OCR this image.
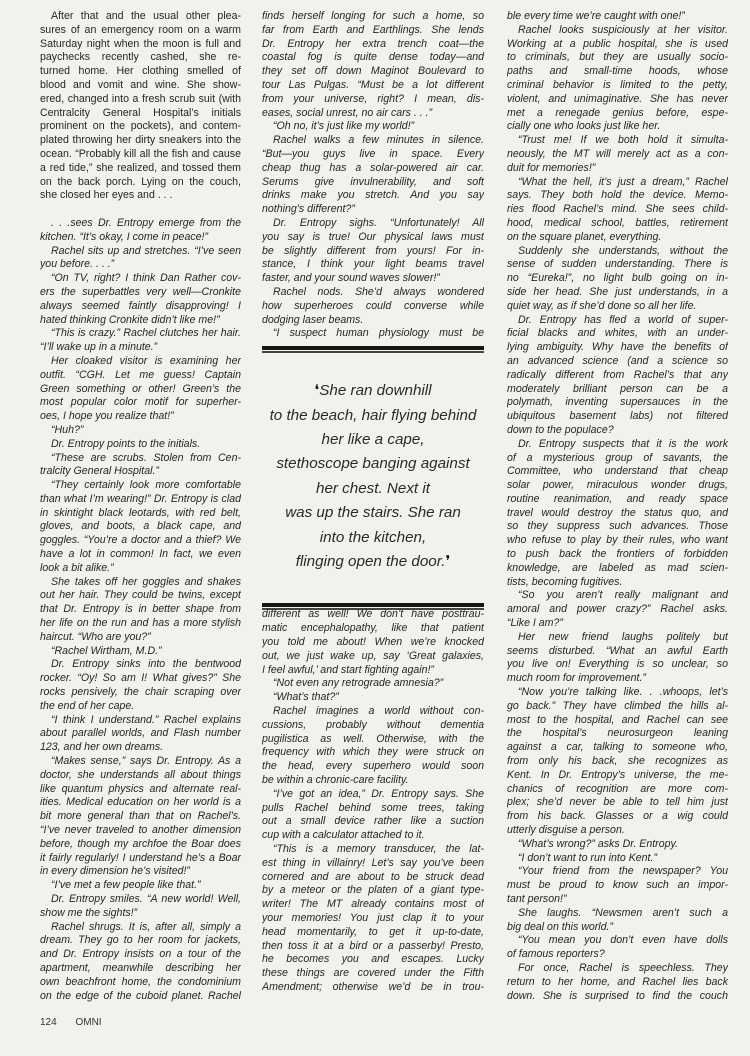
After that and the usual other plea-
sures of an emergency room on a warm
Saturday night when the moon is full and
paychecks recently cashed, she re-
turned home. Her clothing smelled of
blood and vomit and wine. She show-
ered, changed into a fresh scrub suit (with
Centralcity General Hospital’s initials
prominent on the pockets), and contem-
plated throwing her dirty sneakers into the
ocean. “Probably kill all the fish and cause
a red tide,” she realized, and tossed them
on the back porch. Lying on the couch,
she closed her eyes and . . .
. . .sees Dr. Entropy emerge from the
kitchen. “It’s okay, I come in peace!”
Rachel sits up and stretches. “I’ve seen
you before. . . .”
“On TV, right? I think Dan Rather cov-
ers the superbattles very well—Cronkite
always seemed faintly disapproving! I
hated thinking Cronkite didn’t like me!”
“This is crazy.” Rachel clutches her hair.
“I’ll wake up in a minute.”
Her cloaked visitor is examining her
outfit. “CGH. Let me guess! Captain
Green something or other! Green’s the
most popular color motif for superher-
oes, I hope you realize that!”
“Huh?”
Dr. Entropy points to the initials.
“These are scrubs. Stolen from Cen-
tralcity General Hospital.”
“They certainly look more comfortable
than what I’m wearing!” Dr. Entropy is clad
in skintight black leotards, with red belt,
gloves, and boots, a black cape, and
goggles. “You’re a doctor and a thief? We
have a lot in common! In fact, we even
look a bit alike.”
She takes off her goggles and shakes
out her hair. They could be twins, except
that Dr. Entropy is in better shape from
her life on the run and has a more stylish
haircut. “Who are you?”
“Rachel Wirtham, M.D.”
Dr. Entropy sinks into the bentwood
rocker. “Oy! So am I! What gives?” She
rocks pensively, the chair scraping over
the end of her cape.
“I think I understand.” Rachel explains
about parallel worlds, and Flash number
123, and her own dreams.
“Makes sense,” says Dr. Entropy. As a
doctor, she understands all about things
like quantum physics and alternate real-
ities. Medical education on her world is a
bit more general than that on Rachel’s.
“I’ve never traveled to another dimension
before, though my archfoe the Boar does
it fairly regularly! I understand he’s a Boar
in every dimension he’s visited!”
“I’ve met a few people like that.”
Dr. Entropy smiles. “A new world! Well,
show me the sights!”
Rachel shrugs. It is, after all, simply a
dream. They go to her room for jackets,
and Dr. Entropy insists on a tour of the
apartment, meanwhile describing her
own beachfront home, the condominium
on the edge of the cuboid planet. Rachel
finds herself longing for such a home, so
far from Earth and Earthlings. She lends
Dr. Entropy her extra trench coat—the
coastal fog is quite dense today—and
they set off down Maginot Boulevard to
tour Las Pulgas. “Must be a lot different
from your universe, right? I mean, dis-
eases, social unrest, no air cars . . .”
“Oh no, it’s just like my world!”
Rachel walks a few minutes in silence.
“But—you guys live in space. Every
cheap thug has a solar-powered air car.
Serums give invulnerability, and soft
drinks make you stretch. And you say
nothing’s different?”
Dr. Entropy sighs. “Unfortunately! All
you say is true! Our physical laws must
be slightly different from yours! For in-
stance, I think your light beams travel
faster, and your sound waves slower!”
Rachel nods. She’d always wondered
how superheroes could converse while
dodging laser beams.
“I suspect human physiology must be
❛She ran downhill
to the beach, hair flying behind
her like a cape,
stethoscope banging against
her chest. Next it
was up the stairs. She ran
into the kitchen,
flinging open the door.❜
different as well! We don’t have posttrau-
matic encephalopathy, like that patient
you told me about! When we’re knocked
out, we just wake up, say ‘Great galaxies,
I feel awful,’ and start fighting again!”
“Not even any retrograde amnesia?”
“What’s that?”
Rachel imagines a world without con-
cussions, probably without dementia
pugilistica as well. Otherwise, with the
frequency with which they were struck on
the head, every superhero would soon
be within a chronic-care facility.
“I’ve got an idea,” Dr. Entropy says. She
pulls Rachel behind some trees, taking
out a small device rather like a suction
cup with a calculator attached to it.
“This is a memory transducer, the lat-
est thing in villainry! Let’s say you’ve been
cornered and are about to be struck dead
by a meteor or the platen of a giant type-
writer! The MT already contains most of
your memories! You just clap it to your
head momentarily, to get it up-to-date,
then toss it at a bird or a passerby! Presto,
he becomes you and escapes. Lucky
these things are covered under the Fifth
Amendment; otherwise we’d be in trou-
ble every time we’re caught with one!”
Rachel looks suspiciously at her visitor.
Working at a public hospital, she is used
to criminals, but they are usually socio-
paths and small-time hoods, whose
criminal behavior is limited to the petty,
violent, and unimaginative. She has never
met a renegade genius before, espe-
cially one who looks just like her.
“Trust me! If we both hold it simulta-
neously, the MT will merely act as a con-
duit for memories!”
“What the hell, it’s just a dream,” Rachel
says. They both hold the device. Memo-
ries flood Rachel’s mind. She sees child-
hood, medical school, battles, retirement
on the square planet, everything.
Suddenly she understands, without the
sense of sudden understanding. There is
no “Eureka!”, no light bulb going on in-
side her head. She just understands, in a
quiet way, as if she’d done so all her life.
Dr. Entropy has fled a world of super-
ficial blacks and whites, with an under-
lying ambiguity. Why have the benefits of
an advanced science (and a science so
radically different from Rachel’s that any
moderately brilliant person can be a
polymath, inventing supersauces in the
ubiquitous basement labs) not filtered
down to the populace?
Dr. Entropy suspects that it is the work
of a mysterious group of savants, the
Committee, who understand that cheap
solar power, miraculous wonder drugs,
routine reanimation, and ready space
travel would destroy the status quo, and
so they suppress such advances. Those
who refuse to play by their rules, who want
to push back the frontiers of forbidden
knowledge, are labeled as mad scien-
tists, becoming fugitives.
“So you aren’t really malignant and
amoral and power crazy?” Rachel asks.
“Like I am?”
Her new friend laughs politely but
seems disturbed. “What an awful Earth
you live on! Everything is so unclear, so
much room for improvement.”
“Now you’re talking like. . .whoops, let’s
go back.” They have climbed the hills al-
most to the hospital, and Rachel can see
the hospital’s neurosurgeon leaning
against a car, talking to someone who,
from only his back, she recognizes as
Kent. In Dr. Entropy’s universe, the me-
chanics of recognition are more com-
plex; she’d never be able to tell him just
from his back. Glasses or a wig could
utterly disguise a person.
“What’s wrong?” asks Dr. Entropy.
“I don’t want to run into Kent.”
“Your friend from the newspaper? You
must be proud to know such an impor-
tant person!”
She laughs. “Newsmen aren’t such a
big deal on this world.”
“You mean you don’t even have dolls
of famous reporters?
For once, Rachel is speechless. They
return to her home, and Rachel lies back
down. She is surprised to find the couch
124 OMNI
